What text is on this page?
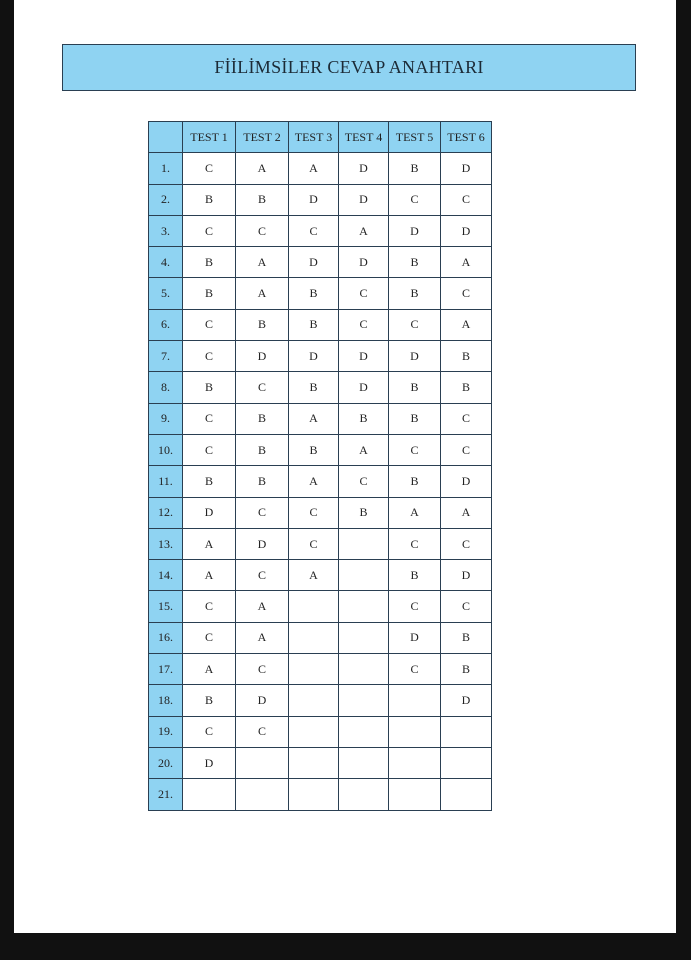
FİİLİMSİLER CEVAP ANAHTARI
	TEST 1	TEST 2	TEST 3	TEST 4	TEST 5	TEST 6
1.	C	A	A	D	B	D
2.	B	B	D	D	C	C
3.	C	C	C	A	D	D
4.	B	A	D	D	B	A
5.	B	A	B	C	B	C
6.	C	B	B	C	C	A
7.	C	D	D	D	D	B
8.	B	C	B	D	B	B
9.	C	B	A	B	B	C
10.	C	B	B	A	C	C
11.	B	B	A	C	B	D
12.	D	C	C	B	A	A
13.	A	D	C		C	C
14.	A	C	A		B	D
15.	C	A			C	C
16.	C	A			D	B
17.	A	C			C	B
18.	B	D				D
19.	C	C				
20.	D					
21.						
